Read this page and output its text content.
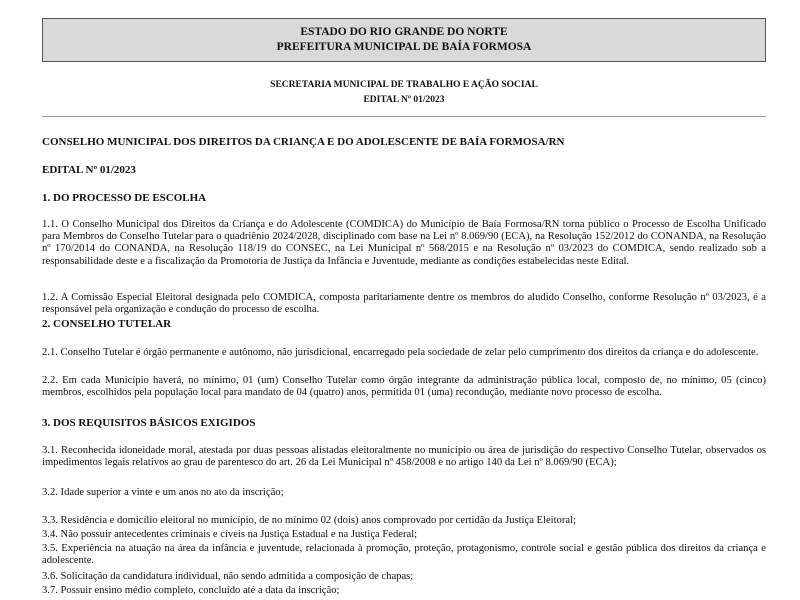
ESTADO DO RIO GRANDE DO NORTE
PREFEITURA MUNICIPAL DE BAÍA FORMOSA
SECRETARIA MUNICIPAL DE TRABALHO E AÇÃO SOCIAL
EDITAL Nº 01/2023
CONSELHO MUNICIPAL DOS DIREITOS DA CRIANÇA E DO ADOLESCENTE DE BAÍA FORMOSA/RN
EDITAL Nº 01/2023
1. DO PROCESSO DE ESCOLHA
1.1. O Conselho Municipal dos Direitos da Criança e do Adolescente (COMDICA) do Município de Baía Formosa/RN torna público o Processo de Escolha Unificado para Membros do Conselho Tutelar para o quadriênio 2024/2028, disciplinado com base na Lei nº 8.069/90 (ECA), na Resolução 152/2012 do CONANDA, na Resolução nº 170/2014 do CONANDA, na Resolução 118/19 do CONSEC, na Lei Municipal nº 568/2015 e na Resolução nº 03/2023 do COMDICA, sendo realizado sob a responsabilidade deste e a fiscalização da Promotoria de Justiça da Infância e Juventude, mediante as condições estabelecidas neste Edital.
1.2. A Comissão Especial Eleitoral designada pelo COMDICA, composta paritariamente dentre os membros do aludido Conselho, conforme Resolução nº 03/2023, é a responsável pela organização e condução do processo de escolha.
2. CONSELHO TUTELAR
2.1. Conselho Tutelar é órgão permanente e autônomo, não jurisdicional, encarregado pela sociedade de zelar pelo cumprimento dos direitos da criança e do adolescente.
2.2. Em cada Município haverá, no mínimo, 01 (um) Conselho Tutelar como órgão integrante da administração pública local, composto de, no mínimo, 05 (cinco) membros, escolhidos pela população local para mandato de 04 (quatro) anos, permitida 01 (uma) recondução, mediante novo processo de escolha.
3. DOS REQUISITOS BÁSICOS EXIGIDOS
3.1. Reconhecida idoneidade moral, atestada por duas pessoas alistadas eleitoralmente no município ou área de jurisdição do respectivo Conselho Tutelar, observados os impedimentos legais relativos ao grau de parentesco do art. 26 da Lei Municipal nº 458/2008 e no artigo 140 da Lei nº 8.069/90 (ECA);
3.2. Idade superior a vinte e um anos no ato da inscrição;
3.3. Residência e domicílio eleitoral no município, de no mínimo 02 (dois) anos comprovado por certidão da Justiça Eleitoral;
3.4. Não possuir antecedentes criminais e cíveis na Justiça Estadual e na Justiça Federal;
3.5. Experiência na atuação na área da infância e juventude, relacionada à promoção, proteção, protagonismo, controle social e gestão pública dos direitos da criança e adolescente.
3.6. Solicitação da candidatura individual, não sendo admitida a composição de chapas;
3.7. Possuir ensino médio completo, concluído até a data da inscrição;
